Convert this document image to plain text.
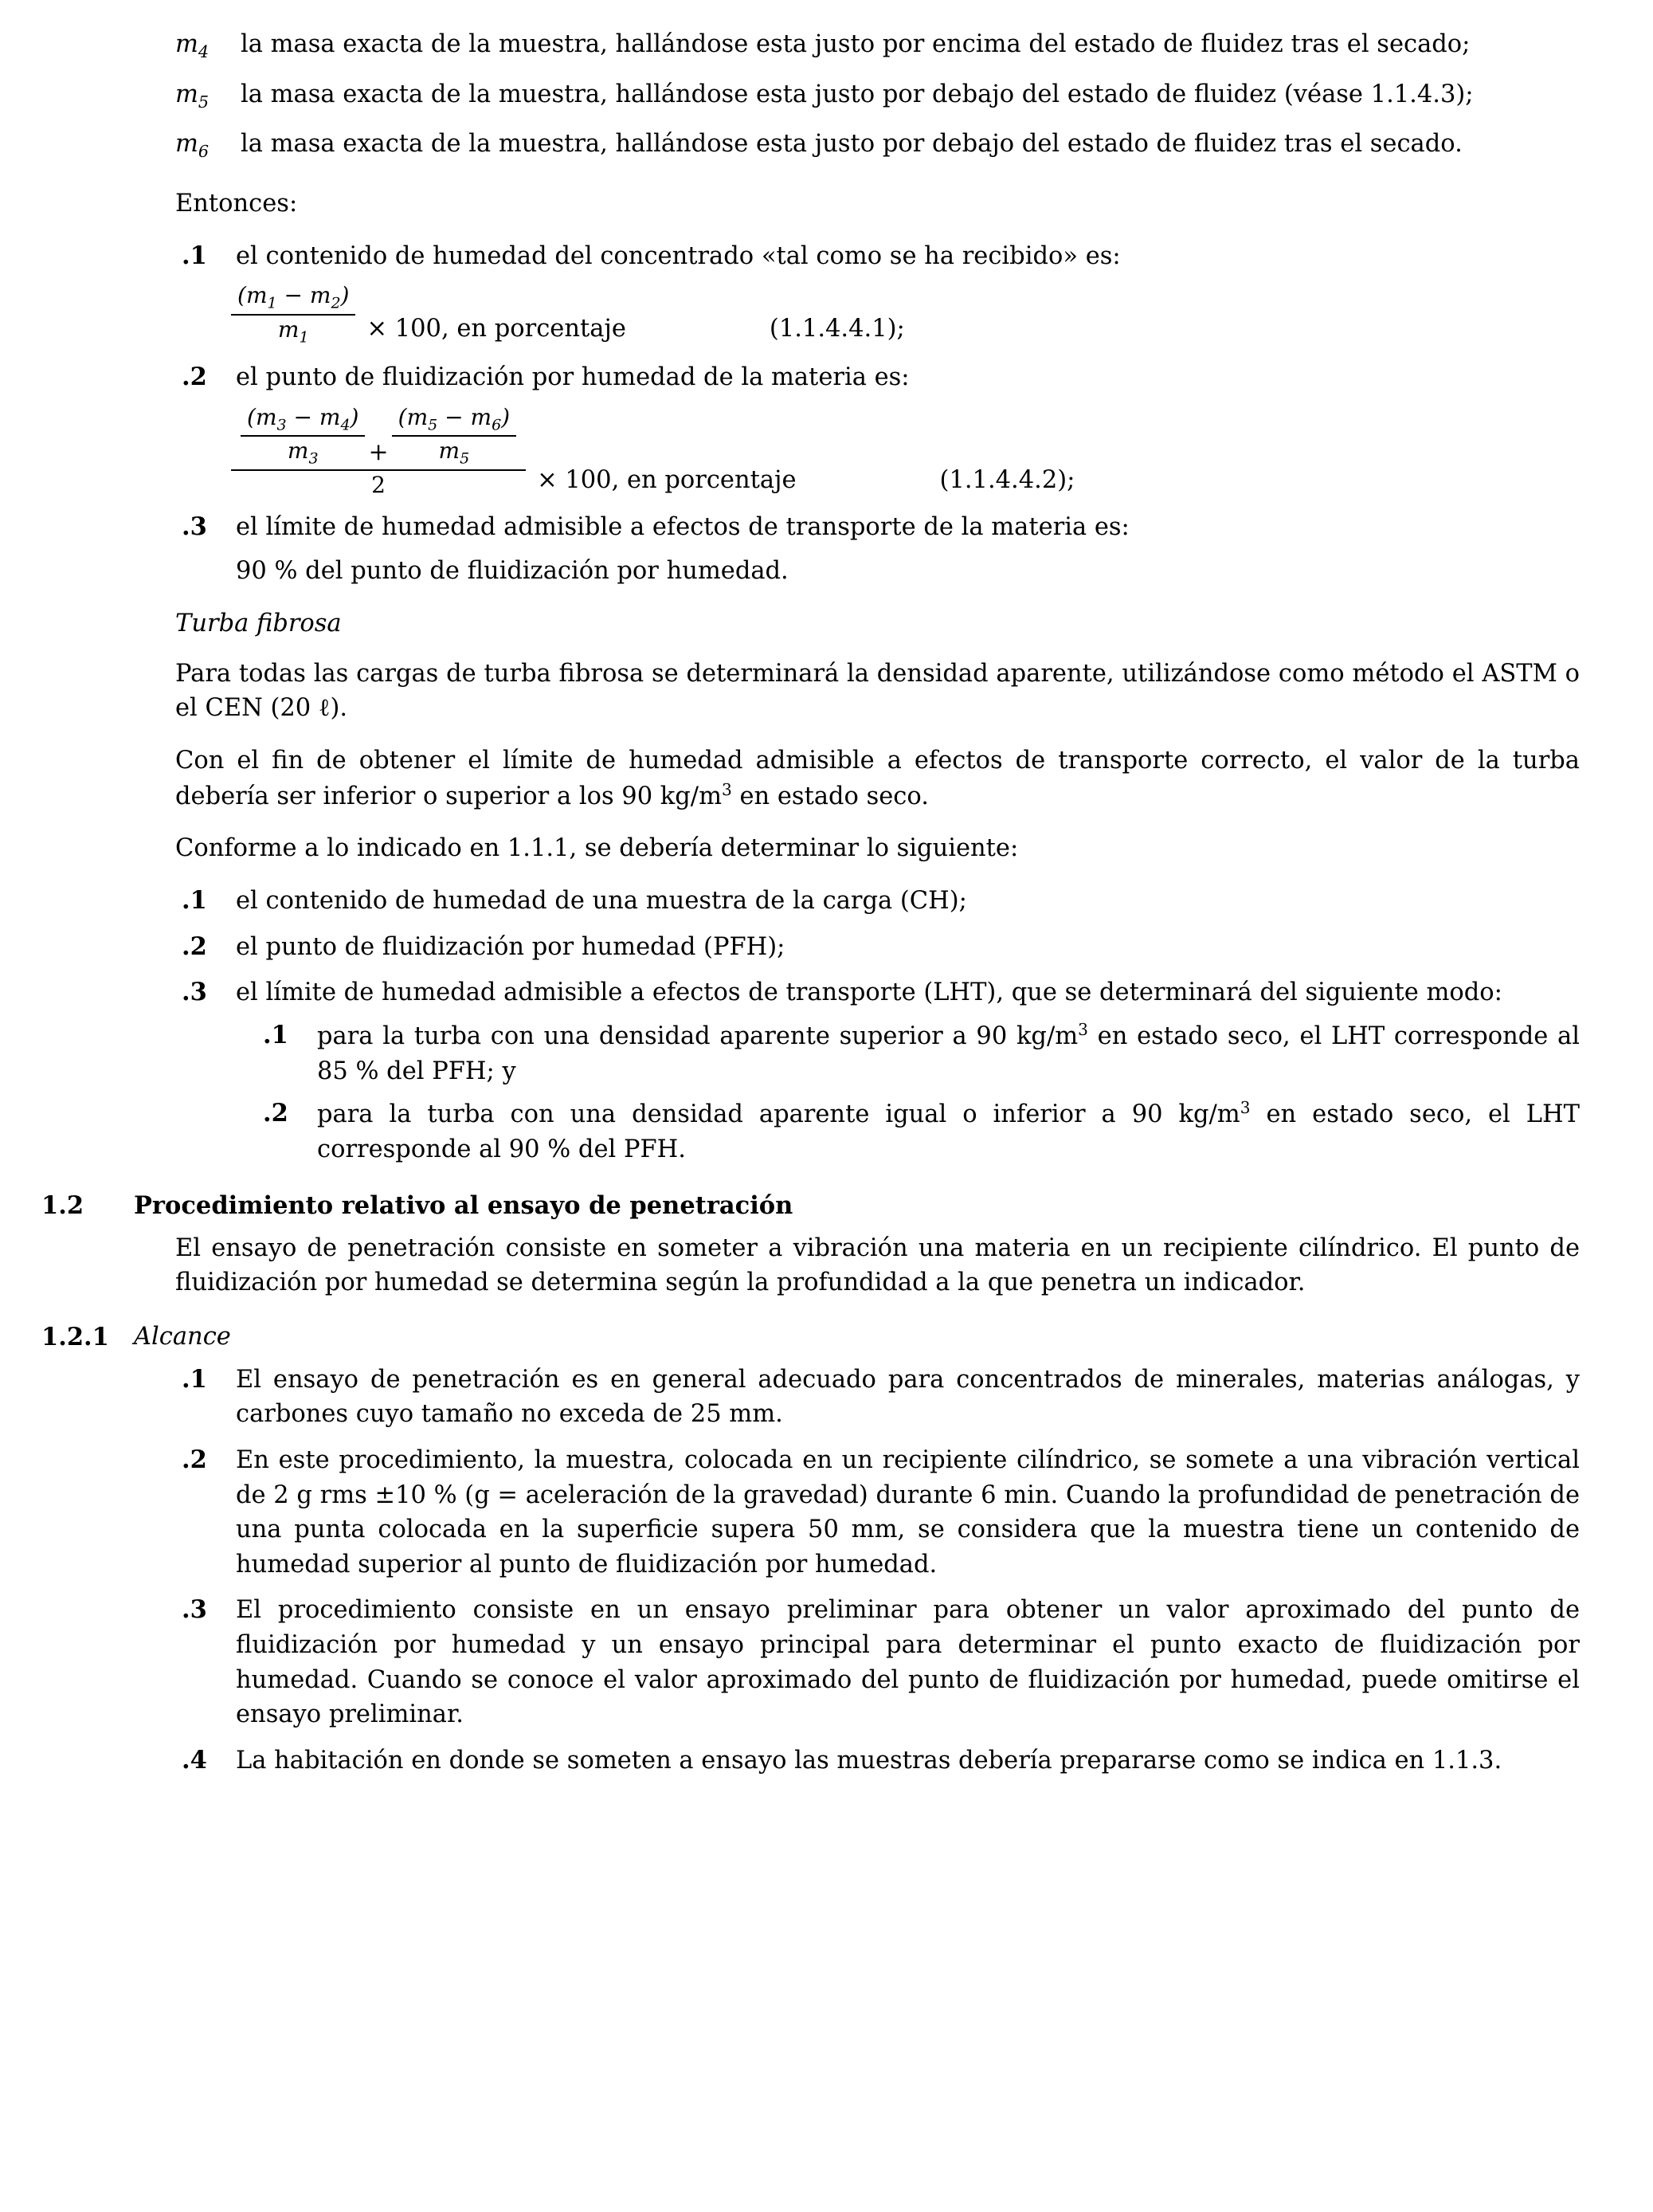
$m_4$	la masa exacta de la muestra, hallándose esta justo por encima del estado de fluidez tras el secado;
$m_5$	la masa exacta de la muestra, hallándose esta justo por debajo del estado de fluidez (véase 1.1.4.3);
$m_6$	la masa exacta de la muestra, hallándose esta justo por debajo del estado de fluidez tras el secado.
Entonces:
.1	el contenido de humedad del concentrado «tal como se ha recibido» es:
$\frac{(m_1 - m_2)}{m_1} \times 100$, en porcentaje	(1.1.4.4.1);
.2	el punto de fluidización por humedad de la materia es:
$\frac{(m_3 - m_4)}{m_3} + \frac{(m_5 - m_6)}{m_5}$
2	× 100, en porcentaje	(1.1.4.4.2);
.3	el límite de humedad admisible a efectos de transporte de la materia es:
90 % del punto de fluidización por humedad.
Turba fibrosa
Para todas las cargas de turba fibrosa se determinará la densidad aparente, utilizándose como método el ASTM o el CEN (20 ℓ).
Con el fin de obtener el límite de humedad admisible a efectos de transporte correcto, el valor de la turba debería ser inferior o superior a los 90 $kg/m^3$ en estado seco.
Conforme a lo indicado en 1.1.1, se debería determinar lo siguiente:
.1	el contenido de humedad de una muestra de la carga (CH);
.2	el punto de fluidización por humedad (PFH);
.3	el límite de humedad admisible a efectos de transporte (LHT), que se determinará del siguiente modo:
.1	para la turba con una densidad aparente superior a 90 $kg/m^3$ en estado seco, el LHT corresponde al 85 % del PFH; y
.2	para la turba con una densidad aparente igual o inferior a 90 $kg/m^3$ en estado seco, el LHT corresponde al 90 % del PFH.
1.2	Procedimiento relativo al ensayo de penetración
El ensayo de penetración consiste en someter a vibración una materia en un recipiente cilíndrico. El punto de fluidización por humedad se determina según la profundidad a la que penetra un indicador.
1.2.1	Alcance
.1	El ensayo de penetración es en general adecuado para concentrados de minerales, materias análogas, y carbones cuyo tamaño no exceda de 25 mm.
.2	En este procedimiento, la muestra, colocada en un recipiente cilíndrico, se somete a una vibración vertical de 2 g rms ±10 % (g = aceleración de la gravedad) durante 6 min. Cuando la profundidad de penetración de una punta colocada en la superficie supera 50 mm, se considera que la muestra tiene un contenido de humedad superior al punto de fluidización por humedad.
.3	El procedimiento consiste en un ensayo preliminar para obtener un valor aproximado del punto de fluidización por humedad y un ensayo principal para determinar el punto exacto de fluidización por humedad. Cuando se conoce el valor aproximado del punto de fluidización por humedad, puede omitirse el ensayo preliminar.
.4	La habitación en donde se someten a ensayo las muestras debería prepararse como se indica en 1.1.3.
